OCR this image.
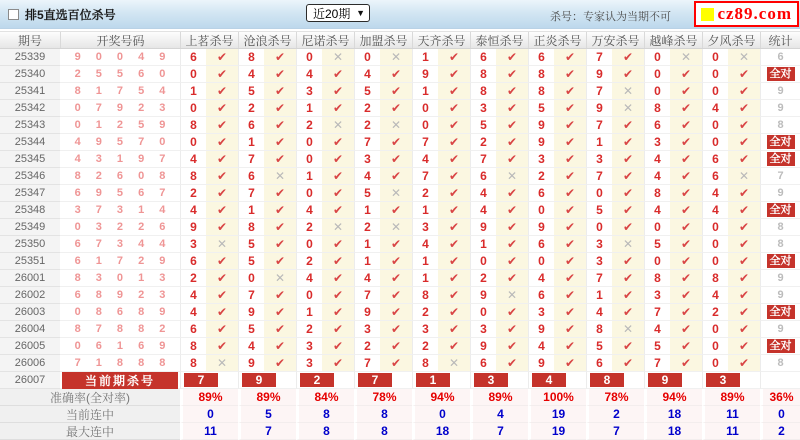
排5直选百位杀号	近20期 ▼	杀号：专家认为当期不可	cz89.com
期号	开奖号码	上茗杀号 沧浪杀号 尼诺杀号 加盟杀号 天齐杀号 泰恒杀号 正炎杀号 万安杀号 越峰杀号 夕风杀号	统计
25339	9 0 0 4 9	6	✔	8	✔	0	✕	0	✕	1	✔	6	✔	6	✔	7	✔	0	✕	0	✕	6
25340	2 5 5 6 0	0	✔	4	✔	4	✔	4	✔	9	✔	8	✔	8	✔	9	✔	0	✔	0	✔ 全对
25341	8 1 7 5 4	1	✔	5	✔	3	✔	5	✔	1	✔	8	✔	8	✔	7	✕	0	✔	0	✔	9
25342	0 7 9 2 3	0	✔	2	✔	1	✔	2	✔	0	✔	3	✔	5	✔	9	✕	8	✔	4	✔	9
25343	0 1 2 5 9	8	✔	6	✔	2	✕	2	✕	0	✔	5	✔	9	✔	7	✔	6	✔	0	✔	8
25344	4 9 5 7 0	0	✔	1	✔	0	✔	7	✔	7	✔	2	✔	9	✔	1	✔	3	✔	0	✔ 全对
25345	4 3 1 9 7	4	✔	7	✔	0	✔	3	✔	4	✔	7	✔	3	✔	3	✔	4	✔	6	✔ 全对
25346	8 2 6 0 8	8	✔	6	✕	1	✔	4	✔	7	✔	6	✕	2	✔	7	✔	4	✔	6	✕	7
25347	6 9 5 6 7	2	✔	7	✔	0	✔	5	✕	2	✔	4	✔	6	✔	0	✔	8	✔	4	✔	9
25348	3 7 3 1 4	4	✔	1	✔	4	✔	1	✔	1	✔	4	✔	0	✔	5	✔	4	✔	4	✔ 全对
25349	0 3 2 2 6	9	✔	8	✔	2	✕	2	✕	3	✔	9	✔	9	✔	0	✔	0	✔	0	✔	8
25350	6 7 3 4 4	3	✕	5	✔	0	✔	1	✔	4	✔	1	✔	6	✔	3	✕	5	✔	0	✔	8
25351	6 1 7 2 9	6	✔	5	✔	2	✔	1	✔	1	✔	0	✔	0	✔	3	✔	0	✔	0	✔ 全对
26001	8 3 0 1 3	2	✔	0	✕	4	✔	4	✔	1	✔	2	✔	4	✔	7	✔	8	✔	8	✔	9
26002	6 8 9 2 3	4	✔	7	✔	0	✔	7	✔	8	✔	9	✕	6	✔	1	✔	3	✔	4	✔	9
26003	0 8 6 8 9	4	✔	9	✔	1	✔	9	✔	2	✔	0	✔	3	✔	4	✔	7	✔	2	✔ 全对
26004	8 7 8 8 2	6	✔	5	✔	2	✔	3	✔	3	✔	3	✔	9	✔	8	✕	4	✔	0	✔	9
26005	0 6 1 6 9	8	✔	4	✔	3	✔	2	✔	2	✔	9	✔	4	✔	5	✔	5	✔	0	✔ 全对
26006	7 1 8 8 8	8	✕	9	✔	3	✔	7	✔	8	✕	6	✔	9	✔	6	✔	7	✔	0	✔	8
26007	当前期杀号	7	9	2	7	1	3	4	8	9	3
准确率(全对率)	89%	89%	84%	78%	94%	89%	100%	78%	94%	89%	36%
当前连中	0	5	8	8	0	4	19	2	18	11	0
最大连中	11	7	8	8	18	7	19	7	18	11	2
